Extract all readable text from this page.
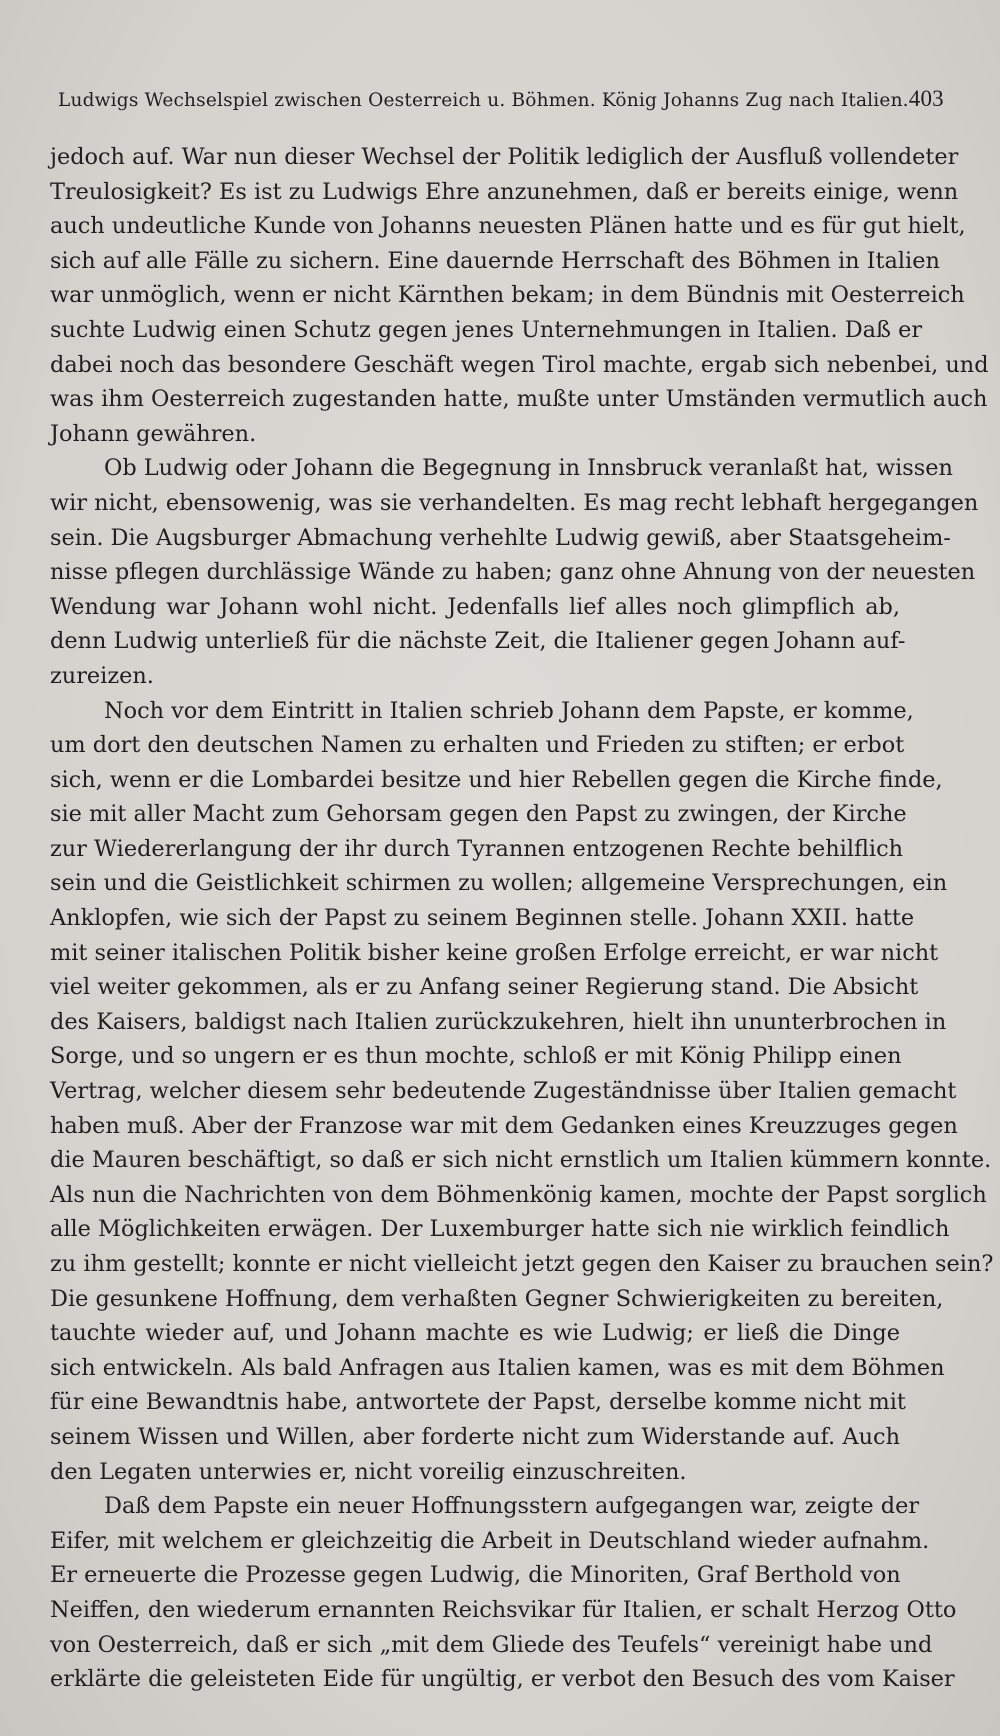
Ludwigs Wechselspiel zwischen Oesterreich u. Böhmen. König Johanns Zug nach Italien. 403
jedoch auf. War nun dieser Wechsel der Politik lediglich der Ausfluß vollendeter
Treulosigkeit? Es ist zu Ludwigs Ehre anzunehmen, daß er bereits einige, wenn
auch undeutliche Kunde von Johanns neuesten Plänen hatte und es für gut hielt,
sich auf alle Fälle zu sichern. Eine dauernde Herrschaft des Böhmen in Italien
war unmöglich, wenn er nicht Kärnthen bekam; in dem Bündnis mit Oesterreich
suchte Ludwig einen Schutz gegen jenes Unternehmungen in Italien. Daß er
dabei noch das besondere Geschäft wegen Tirol machte, ergab sich nebenbei, und
was ihm Oesterreich zugestanden hatte, mußte unter Umständen vermutlich auch
Johann gewähren.
Ob Ludwig oder Johann die Begegnung in Innsbruck veranlaßt hat, wissen
wir nicht, ebensowenig, was sie verhandelten. Es mag recht lebhaft hergegangen
sein. Die Augsburger Abmachung verhehlte Ludwig gewiß, aber Staatsgeheim-
nisse pflegen durchlässige Wände zu haben; ganz ohne Ahnung von der neuesten
Wendung war Johann wohl nicht. Jedenfalls lief alles noch glimpflich ab,
denn Ludwig unterließ für die nächste Zeit, die Italiener gegen Johann auf-
zureizen.
Noch vor dem Eintritt in Italien schrieb Johann dem Papste, er komme,
um dort den deutschen Namen zu erhalten und Frieden zu stiften; er erbot
sich, wenn er die Lombardei besitze und hier Rebellen gegen die Kirche finde,
sie mit aller Macht zum Gehorsam gegen den Papst zu zwingen, der Kirche
zur Wiedererlangung der ihr durch Tyrannen entzogenen Rechte behilflich
sein und die Geistlichkeit schirmen zu wollen; allgemeine Versprechungen, ein
Anklopfen, wie sich der Papst zu seinem Beginnen stelle. Johann XXII. hatte
mit seiner italischen Politik bisher keine großen Erfolge erreicht, er war nicht
viel weiter gekommen, als er zu Anfang seiner Regierung stand. Die Absicht
des Kaisers, baldigst nach Italien zurückzukehren, hielt ihn ununterbrochen in
Sorge, und so ungern er es thun mochte, schloß er mit König Philipp einen
Vertrag, welcher diesem sehr bedeutende Zugeständnisse über Italien gemacht
haben muß. Aber der Franzose war mit dem Gedanken eines Kreuzzuges gegen
die Mauren beschäftigt, so daß er sich nicht ernstlich um Italien kümmern konnte.
Als nun die Nachrichten von dem Böhmenkönig kamen, mochte der Papst sorglich
alle Möglichkeiten erwägen. Der Luxemburger hatte sich nie wirklich feindlich
zu ihm gestellt; konnte er nicht vielleicht jetzt gegen den Kaiser zu brauchen sein?
Die gesunkene Hoffnung, dem verhaßten Gegner Schwierigkeiten zu bereiten,
tauchte wieder auf, und Johann machte es wie Ludwig; er ließ die Dinge
sich entwickeln. Als bald Anfragen aus Italien kamen, was es mit dem Böhmen
für eine Bewandtnis habe, antwortete der Papst, derselbe komme nicht mit
seinem Wissen und Willen, aber forderte nicht zum Widerstande auf. Auch
den Legaten unterwies er, nicht voreilig einzuschreiten.
Daß dem Papste ein neuer Hoffnungsstern aufgegangen war, zeigte der
Eifer, mit welchem er gleichzeitig die Arbeit in Deutschland wieder aufnahm.
Er erneuerte die Prozesse gegen Ludwig, die Minoriten, Graf Berthold von
Neiffen, den wiederum ernannten Reichsvikar für Italien, er schalt Herzog Otto
von Oesterreich, daß er sich „mit dem Gliede des Teufels“ vereinigt habe und
erklärte die geleisteten Eide für ungültig, er verbot den Besuch des vom Kaiser
